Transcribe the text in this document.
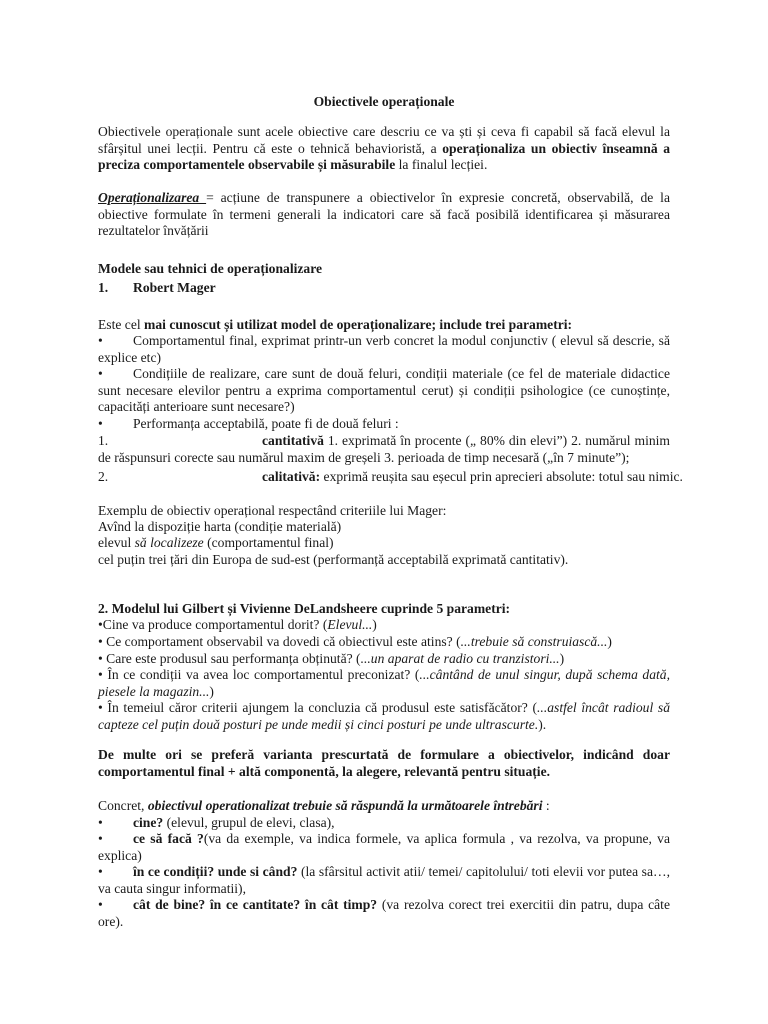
Obiectivele operaționale

Obiectivele operaționale sunt acele obiective care descriu ce va ști și ceva fi capabil să facă elevul la sfârșitul unei lecții. Pentru că este o tehnică behavioristă, a operaționaliza un obiectiv înseamnă a preciza comportamentele observabile și măsurabile la finalul lecției.

Operaționalizarea = acțiune de transpunere a obiectivelor în expresie concretă, observabilă, de la obiective formulate în termeni generali la indicatori care să facă posibilă identificarea și măsurarea rezultatelor învățării

Modele sau tehnici de operaționalizare
1. Robert Mager
Este cel mai cunoscut și utilizat model de operaționalizare; include trei parametri:

• Comportamentul final, exprimat printr-un verb concret la modul conjunctiv ( elevul să descrie, să explice etc)

• Condițiile de realizare, care sunt de două feluri, condiții materiale (ce fel de materiale didactice sunt necesare elevilor pentru a exprima comportamentul cerut) și condiții psihologice (ce cunoștințe, capacități anterioare sunt necesare?)

• Performanța acceptabilă, poate fi de două feluri :

1.	cantitativă 1. exprimată în procente („ 80% din elevi”) 2. numărul minim de răspunsuri corecte sau numărul maxim de greșeli 3. perioada de timp necesară („în 7 minute”);

2.	calitativă: exprimă reușita sau eșecul prin aprecieri absolute: totul sau nimic.
Exemplu de obiectiv operațional respectând criteriile lui Mager:
Avînd la dispoziție harta (condiție materială)
elevul să localizeze (comportamentul final)
cel puțin trei țări din Europa de sud-est (performanță acceptabilă exprimată cantitativ).
2. Modelul lui Gilbert și Vivienne DeLandsheere cuprinde 5 parametri:
•Cine va produce comportamentul dorit? (Elevul...)
• Ce comportament observabil va dovedi că obiectivul este atins? (...trebuie să construiască...)
• Care este produsul sau performanța obținută? (...un aparat de radio cu tranzistori...)

• În ce condiții va avea loc comportamentul preconizat? (...cântând de unul singur, după schema dată, piesele la magazin...)

• În temeiul căror criterii ajungem la concluzia că produsul este satisfăcător? (...astfel încât radioul să capteze cel puțin două posturi pe unde medii și cinci posturi pe unde ultrascurte.).

De multe ori se preferă varianta prescurtată de formulare a obiectivelor, indicând doar comportamentul final + altă componentă, la alegere, relevantă pentru situație.

Concret, obiectivul operationalizat trebuie să răspundă la următoarele întrebări :
• cine? (elevul, grupul de elevi, clasa),

• ce să facă ?(va da exemple, va indica formele, va aplica formula , va rezolva, va propune, va explica)

• în ce condiții? unde si când? (la sfârsitul activit atii/ temei/ capitolului/ toti elevii vor putea sa…, va cauta singur informatii),

• cât de bine? în ce cantitate? în cât timp? (va rezolva corect trei exercitii din patru, dupa câte ore).
